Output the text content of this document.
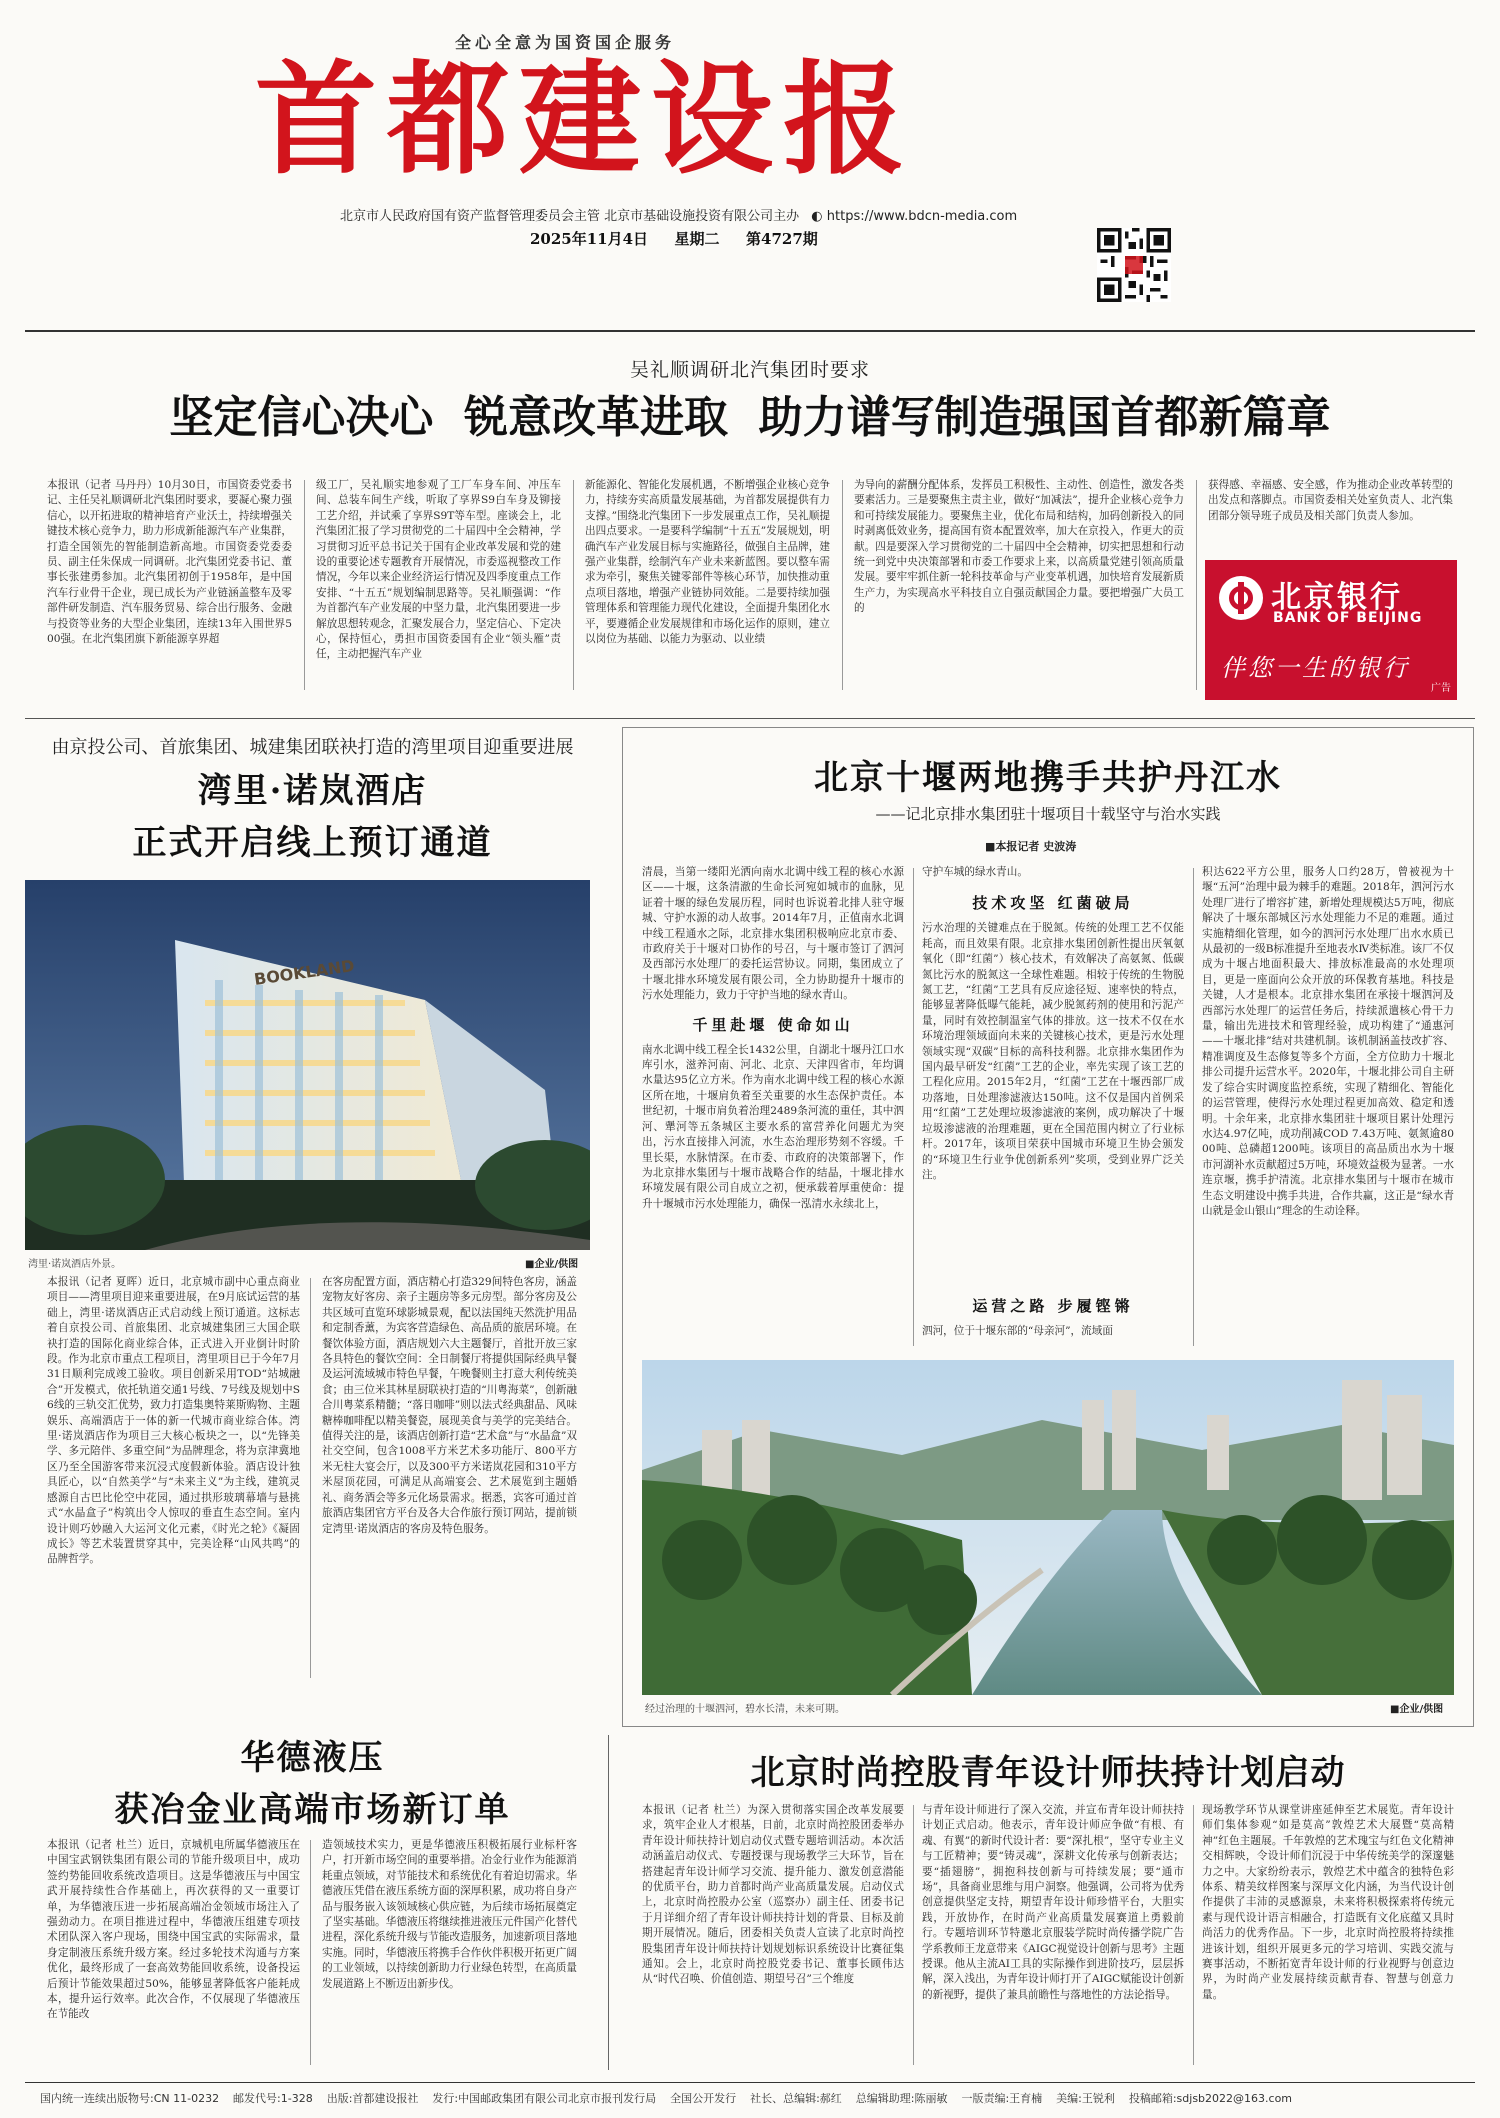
全心全意为国资国企服务
首都建设报
北京市人民政府国有资产监督管理委员会主管 北京市基础设施投资有限公司主办 ◐ https://www.bdcn-media.com
2025年11月4日 星期二 第4727期
吴礼顺调研北汽集团时要求
坚定信心决心  锐意改革进取  助力谱写制造强国首都新篇章

本报讯（记者 马丹丹）10月30日，市国资委党委书记、主任吴礼顺调研北汽集团时要求，要凝心聚力强信心，以开拓进取的精神培育产业沃土，持续增强关键技术核心竞争力，助力形成新能源汽车产业集群，打造全国领先的智能制造新高地。市国资委党委委员、副主任朱保成一同调研。北汽集团党委书记、董事长张建勇参加。北汽集团初创于1958年，是中国汽车行业骨干企业，现已成长为产业链涵盖整车及零部件研发制造、汽车服务贸易、综合出行服务、金融与投资等业务的大型企业集团，连续13年入围世界500强。在北汽集团旗下新能源享界超

级工厂，吴礼顺实地参观了工厂车身车间、冲压车间、总装车间生产线，听取了享界S9白车身及铆接工艺介绍，并试乘了享界S9T等车型。座谈会上，北汽集团汇报了学习贯彻党的二十届四中全会精神，学习贯彻习近平总书记关于国有企业改革发展和党的建设的重要论述专题教育开展情况，市委巡视整改工作情况，今年以来企业经济运行情况及四季度重点工作安排、“十五五”规划编制思路等。吴礼顺强调：“作为首都汽车产业发展的中坚力量，北汽集团要进一步解放思想转观念，汇聚发展合力，坚定信心、下定决心，保持恒心，勇担市国资委国有企业“领头雁”责任，主动把握汽车产业

新能源化、智能化发展机遇，不断增强企业核心竞争力，持续夯实高质量发展基础，为首都发展提供有力支撑。”围绕北汽集团下一步发展重点工作，吴礼顺提出四点要求。一是要科学编制“十五五”发展规划，明确汽车产业发展目标与实施路径，做强自主品牌，建强产业集群，绘制汽车产业未来新蓝图。要以整车需求为牵引，聚焦关键零部件等核心环节，加快推动重点项目落地，增强产业链协同效能。二是要持续加强管理体系和管理能力现代化建设，全面提升集团化水平，要遵循企业发展规律和市场化运作的原则，建立以岗位为基础、以能力为驱动、以业绩

为导向的薪酬分配体系，发挥员工积极性、主动性、创造性，激发各类要素活力。三是要聚焦主责主业，做好“加减法”，提升企业核心竞争力和可持续发展能力。要聚焦主业，优化布局和结构，加码创新投入的同时剥离低效业务，提高国有资本配置效率，加大在京投入，作更大的贡献。四是要深入学习贯彻党的二十届四中全会精神，切实把思想和行动统一到党中央决策部署和市委工作要求上来，以高质量党建引领高质量发展。要牢牢抓住新一轮科技革命与产业变革机遇，加快培育发展新质生产力，为实现高水平科技自立自强贡献国企力量。要把增强广大员工的

获得感、幸福感、安全感，作为推动企业改革转型的出发点和落脚点。市国资委相关处室负责人、北汽集团部分领导班子成员及相关部门负责人参加。

北京银行
BANK OF BEIJING
伴您一生的银行
广告
由京投公司、首旅集团、城建集团联袂打造的湾里项目迎重要进展
湾里·诺岚酒店
正式开启线上预订通道
BOOKLAND
湾里·诺岚酒店外景。	■企业/供图

本报讯（记者 夏晖）近日，北京城市副中心重点商业项目——湾里项目迎来重要进展，在9月底试运营的基础上，湾里·诺岚酒店正式启动线上预订通道。这标志着自京投公司、首旅集团、北京城建集团三大国企联袂打造的国际化商业综合体，正式进入开业倒计时阶段。作为北京市重点工程项目，湾里项目已于今年7月31日顺利完成竣工验收。项目创新采用TOD“站城融合”开发模式，依托轨道交通1号线、7号线及规划中S6线的三轨交汇优势，致力打造集奥特莱斯购物、主题娱乐、高端酒店于一体的新一代城市商业综合体。湾里·诺岚酒店作为项目三大核心板块之一，以“先锋美学、多元陪伴、多重空间”为品牌理念，将为京津冀地区乃至全国游客带来沉浸式度假新体验。酒店设计独具匠心，以“自然美学”与“未来主义”为主线，建筑灵感源自古巴比伦空中花园，通过拱形玻璃幕墙与悬挑式“水晶盒子”构筑出令人惊叹的垂直生态空间。室内设计则巧妙融入大运河文化元素，《时光之轮》《凝固成长》等艺术装置贯穿其中，完美诠释“山风共鸣”的品牌哲学。

在客房配置方面，酒店精心打造329间特色客房，涵盖宠物友好客房、亲子主题房等多元房型。部分客房及公共区域可直览环球影城景观，配以法国纯天然洗护用品和定制香薰，为宾客营造绿色、高品质的旅居环境。在餐饮体验方面，酒店规划六大主题餐厅，首批开放三家各具特色的餐饮空间：全日制餐厅将提供国际经典早餐及运河流域城市特色早餐，午晚餐则主打意大利传统美食；由三位米其林星厨联袂打造的“川粤海菜”，创新融合川粤菜系精髓；“落日咖啡”则以法式经典甜品、风味糖棒咖啡配以精美餐瓷，展现美食与美学的完美结合。值得关注的是，该酒店创新打造“艺术盒”与“水晶盒”双社交空间，包含1008平方米艺术多功能厅、800平方米无柱大宴会厅，以及300平方米诺岚花园和310平方米屋顶花园，可满足从高端宴会、艺术展览到主题婚礼、商务酒会等多元化场景需求。据悉，宾客可通过首旅酒店集团官方平台及各大合作旅行预订网站，提前锁定湾里·诺岚酒店的客房及特色服务。

北京十堰两地携手共护丹江水
——记北京排水集团驻十堰项目十载坚守与治水实践
■本报记者 史波涛

清晨，当第一缕阳光洒向南水北调中线工程的核心水源区——十堰，这条清澈的生命长河宛如城市的血脉，见证着十堰的绿色发展历程，同时也诉说着北排人驻守堰城、守护水源的动人故事。2014年7月，正值南水北调中线工程通水之际，北京排水集团积极响应北京市委、市政府关于十堰对口协作的号召，与十堰市签订了泗河及西部污水处理厂的委托运营协议。同期，集团成立了十堰北排水环境发展有限公司，全力协助提升十堰市的污水处理能力，致力于守护当地的绿水青山。

千里赴堰 使命如山

南水北调中线工程全长1432公里，自湖北十堰丹江口水库引水，滋养河南、河北、北京、天津四省市，年均调水量达95亿立方米。作为南水北调中线工程的核心水源区所在地，十堰肩负着至关重要的水生态保护责任。本世纪初，十堰市肩负着治理2489条河流的重任，其中泗河、犟河等五条城区主要水系的富营养化问题尤为突出，污水直接排入河流，水生态治理形势刻不容缓。千里长渠，水脉情深。在市委、市政府的决策部署下，作为北京排水集团与十堰市战略合作的结晶，十堰北排水环境发展有限公司自成立之初，便承载着厚重使命：提升十堰城市污水处理能力，确保一泓清水永续北上，

守护车城的绿水青山。

技术攻坚 红菌破局

污水治理的关键难点在于脱氮。传统的处理工艺不仅能耗高，而且效果有限。北京排水集团创新性提出厌氧氨氧化（即“红菌”）核心技术，有效解决了高氨氮、低碳氮比污水的脱氮这一全球性难题。相较于传统的生物脱氮工艺，“红菌”工艺具有反应途径短、速率快的特点，能够显著降低曝气能耗，减少脱氮药剂的使用和污泥产量，同时有效控制温室气体的排放。这一技术不仅在水环境治理领域面向未来的关键核心技术，更是污水处理领域实现“双碳”目标的高科技利器。北京排水集团作为国内最早研发“红菌”工艺的企业，率先实现了该工艺的工程化应用。2015年2月，“红菌”工艺在十堰西部厂成功落地，日处理渗滤液达150吨。这不仅是国内首例采用“红菌”工艺处理垃圾渗滤液的案例，成功解决了十堰垃圾渗滤液的治理难题，更在全国范围内树立了行业标杆。2017年，该项目荣获中国城市环境卫生协会颁发的“环境卫生行业争优创新系列”奖项，受到业界广泛关注。

运营之路 步履铿锵

泗河，位于十堰东部的“母亲河”，流域面

积达622平方公里，服务人口约28万，曾被视为十堰“五河”治理中最为棘手的难题。2018年，泗河污水处理厂进行了增容扩建，新增处理规模达5万吨，彻底解决了十堰东部城区污水处理能力不足的难题。通过实施精细化管理，如今的泗河污水处理厂出水水质已从最初的一级B标准提升至地表水Ⅳ类标准。该厂不仅成为十堰占地面积最大、排放标准最高的水处理项目，更是一座面向公众开放的环保教育基地。科技是关键，人才是根本。北京排水集团在承接十堰泗河及西部污水处理厂的运营任务后，持续派遣核心骨干力量，输出先进技术和管理经验，成功构建了“通惠河——十堰北排”结对共建机制。该机制涵盖技改扩容、精准调度及生态修复等多个方面，全方位助力十堰北排公司提升运营水平。2020年，十堰北排公司自主研发了综合实时调度监控系统，实现了精细化、智能化的运营管理，使得污水处理过程更加高效、稳定和透明。十余年来，北京排水集团驻十堰项目累计处理污水达4.97亿吨，成功削减COD 7.43万吨、氨氮逾8000吨、总磷超1200吨。该项目的高品质出水为十堰市河湖补水贡献超过5万吨，环境效益极为显著。一水连京堰，携手护清流。北京排水集团与十堰市在城市生态文明建设中携手共进，合作共赢，这正是“绿水青山就是金山银山”理念的生动诠释。

经过治理的十堰泗河，碧水长清，未来可期。	■企业/供图
华德液压
获冶金业高端市场新订单

本报讯（记者 杜兰）近日，京城机电所属华德液压在中国宝武钢铁集团有限公司的节能升级项目中，成功签约势能回收系统改造项目。这是华德液压与中国宝武开展持续性合作基础上，再次获得的又一重要订单，为华德液压进一步拓展高端冶金领域市场注入了强劲动力。在项目推进过程中，华德液压组建专项技术团队深入客户现场，围绕中国宝武的实际需求，量身定制液压系统升级方案。经过多轮技术沟通与方案优化，最终形成了一套高效势能回收系统，设备投运后预计节能效果超过50%，能够显著降低客户能耗成本，提升运行效率。此次合作，不仅展现了华德液压在节能改

造领域技术实力，更是华德液压积极拓展行业标杆客户，打开新市场空间的重要举措。冶金行业作为能源消耗重点领域，对节能技术和系统优化有着迫切需求。华德液压凭借在液压系统方面的深厚积累，成功将自身产品与服务嵌入该领域核心供应链，为后续市场拓展奠定了坚实基础。华德液压将继续推进液压元件国产化替代进程，深化系统升级与节能改造服务，加速新项目落地实施。同时，华德液压将携手合作伙伴积极开拓更广阔的工业领域，以持续创新助力行业绿色转型，在高质量发展道路上不断迈出新步伐。

北京时尚控股青年设计师扶持计划启动

本报讯（记者 杜兰）为深入贯彻落实国企改革发展要求，筑牢企业人才根基，日前，北京时尚控股团委举办青年设计师扶持计划启动仪式暨专题培训活动。本次活动涵盖启动仪式、专题授课与现场教学三大环节，旨在搭建起青年设计师学习交流、提升能力、激发创意潜能的优质平台，助力首都时尚产业高质量发展。启动仪式上，北京时尚控股办公室（巡察办）副主任、团委书记于月详细介绍了青年设计师扶持计划的背景、目标及前期开展情况。随后，团委相关负责人宣读了北京时尚控股集团青年设计师扶持计划规划标识系统设计比赛征集通知。会上，北京时尚控股党委书记、董事长顾伟达从“时代召唤、价值创造、期望号召”三个维度

与青年设计师进行了深入交流，并宣布青年设计师扶持计划正式启动。他表示，青年设计师应争做“有根、有魂、有翼”的新时代设计者：要“深扎根”，坚守专业主义与工匠精神；要“铸灵魂”，深耕文化传承与创新表达；要“插翅膀”，拥抱科技创新与可持续发展；要“通市场”，具备商业思维与用户洞察。他强调，公司将为优秀创意提供坚定支持，期望青年设计师珍惜平台，大胆实践，开放协作，在时尚产业高质量发展赛道上勇毅前行。专题培训环节特邀北京服装学院时尚传播学院广告学系教师王龙意带来《AIGC视觉设计创新与思考》主题授课。他从主流AI工具的实际操作到进阶技巧，层层拆解，深入浅出，为青年设计师打开了AIGC赋能设计创新的新视野，提供了兼具前瞻性与落地性的方法论指导。

现场教学环节从课堂讲座延伸至艺术展览。青年设计师们集体参观“如是莫高”敦煌艺术大展暨“莫高精神”红色主题展。千年敦煌的艺术瑰宝与红色文化精神交相辉映，令设计师们沉浸于中华传统美学的深邃魅力之中。大家纷纷表示，敦煌艺术中蕴含的独特色彩体系、精美纹样图案与深厚文化内涵，为当代设计创作提供了丰沛的灵感源泉，未来将积极探索将传统元素与现代设计语言相融合，打造既有文化底蕴又具时尚活力的优秀作品。下一步，北京时尚控股将持续推进该计划，组织开展更多元的学习培训、实践交流与赛事活动，不断拓宽青年设计师的行业视野与创意边界，为时尚产业发展持续贡献青春、智慧与创意力量。

国内统一连续出版物号:CN 11-0232    邮发代号:1-328    出版:首都建设报社    发行:中国邮政集团有限公司北京市报刊发行局    全国公开发行    社长、总编辑:郝红    总编辑助理:陈丽敏    一版责编:王育楠    美编:王锐利    投稿邮箱:sdjsb2022@163.com
